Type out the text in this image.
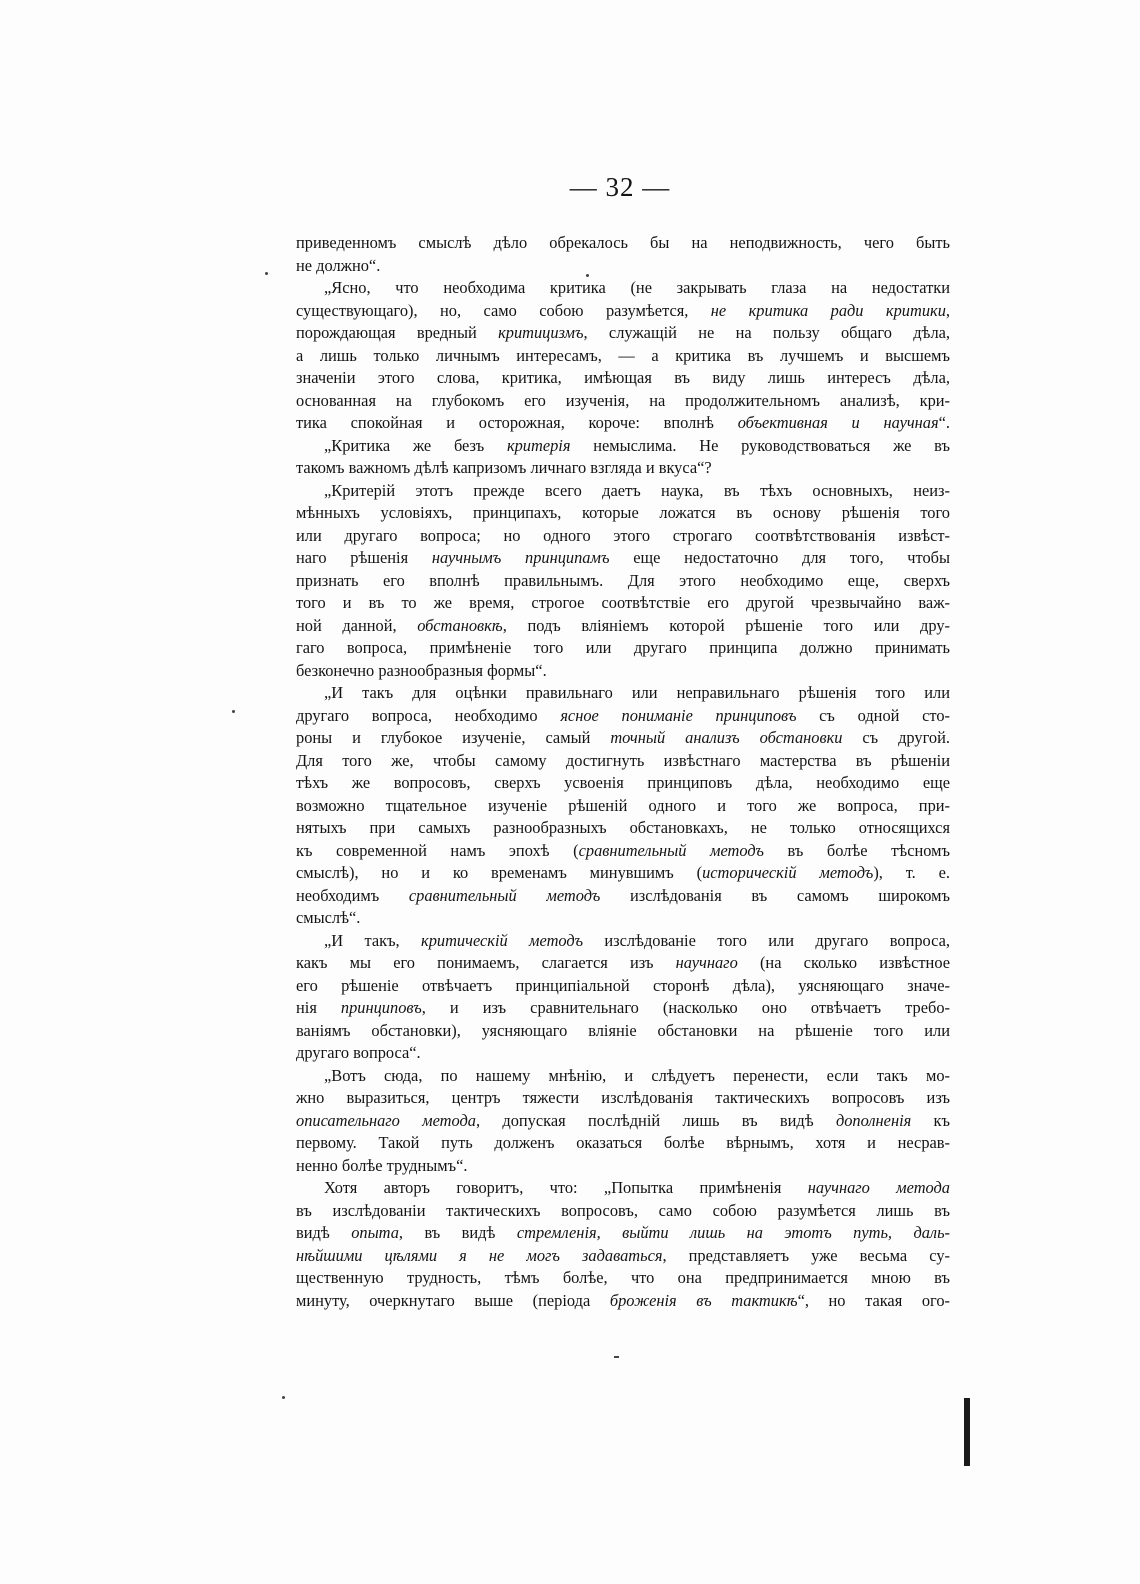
— 32 —
приведенномъ смыслѣ дѣло обрекалось бы на неподвижность, чего быть
не должно“.
„Ясно, что необходима критика (не закрывать глаза на недостатки
существующаго), но, само собою разумѣется, не критика ради критики,
порождающая вредный критицизмъ, служащій не на пользу общаго дѣла,
а лишь только личнымъ интересамъ, — а критика въ лучшемъ и высшемъ
значеніи этого слова, критика, имѣющая въ виду лишь интересъ дѣла,
основанная на глубокомъ его изученія, на продолжительномъ анализѣ, кри-
тика спокойная и осторожная, короче: вполнѣ объективная и научная“.
„Критика же безъ критерія немыслима. Не руководствоваться же въ
такомъ важномъ дѣлѣ капризомъ личнаго взгляда и вкуса“?
„Критерій этотъ прежде всего даетъ наука, въ тѣхъ основныхъ, неиз-
мѣнныхъ условіяхъ, принципахъ, которые ложатся въ основу рѣшенія того
или другаго вопроса; но одного этого строгаго соотвѣтствованія извѣст-
наго рѣшенія научнымъ принципамъ еще недостаточно для того, чтобы
признать его вполнѣ правильнымъ. Для этого необходимо еще, сверхъ
того и въ то же время, строгое соотвѣтствіе его другой чрезвычайно важ-
ной данной, обстановкѣ, подъ вліяніемъ которой рѣшеніе того или дру-
гаго вопроса, примѣненіе того или другаго принципа должно принимать
безконечно разнообразныя формы“.
„И такъ для оцѣнки правильнаго или неправильнаго рѣшенія того или
другаго вопроса, необходимо ясное пониманіе принциповъ съ одной сто-
роны и глубокое изученіе, самый точный анализъ обстановки съ другой.
Для того же, чтобы самому достигнуть извѣстнаго мастерства въ рѣшеніи
тѣхъ же вопросовъ, сверхъ усвоенія принциповъ дѣла, необходимо еще
возможно тщательное изученіе рѣшеній одного и того же вопроса, при-
нятыхъ при самыхъ разнообразныхъ обстановкахъ, не только относящихся
къ современной намъ эпохѣ (сравнительный методъ въ болѣе тѣсномъ
смыслѣ), но и ко временамъ минувшимъ (историческій методъ), т. е.
необходимъ сравнительный методъ изслѣдованія въ самомъ широкомъ
смыслѣ“.
„И такъ, критическій методъ изслѣдованіе того или другаго вопроса,
какъ мы его понимаемъ, слагается изъ научнаго (на сколько извѣстное
его рѣшеніе отвѣчаетъ принципіальной сторонѣ дѣла), уясняющаго значе-
нія принциповъ, и изъ сравнительнаго (насколько оно отвѣчаетъ требо-
ваніямъ обстановки), уясняющаго вліяніе обстановки на рѣшеніе того или
другаго вопроса“.
„Вотъ сюда, по нашему мнѣнію, и слѣдуетъ перенести, если такъ мо-
жно выразиться, центръ тяжести изслѣдованія тактическихъ вопросовъ изъ
описательнаго метода, допуская послѣдній лишь въ видѣ дополненія къ
первому. Такой путь долженъ оказаться болѣе вѣрнымъ, хотя и несрав-
ненно болѣе труднымъ“.
Хотя авторъ говоритъ, что: „Попытка примѣненія научнаго метода
въ изслѣдованіи тактическихъ вопросовъ, само собою разумѣется лишь въ
видѣ опыта, въ видѣ стремленія, выйти лишь на этотъ путь, даль-
нѣйшими цѣлями я не могъ задаваться, представляетъ уже весьма су-
щественную трудность, тѣмъ болѣе, что она предпринимается мною въ
минуту, очеркнутаго выше (періода броженія въ тактикѣ“, но такая ого-
